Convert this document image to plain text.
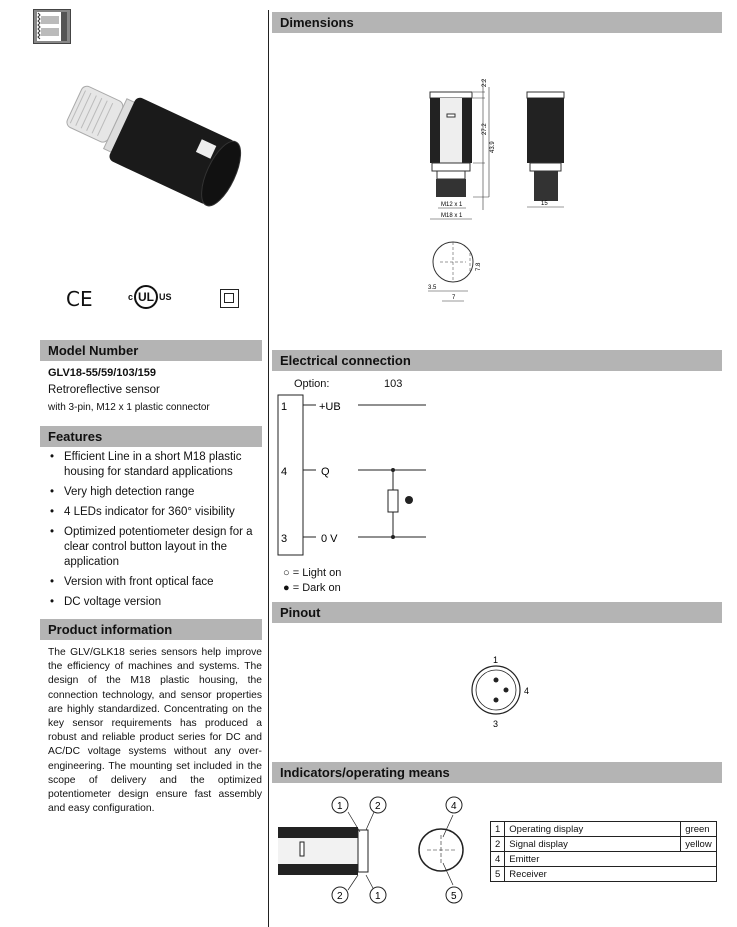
CE	c UL US
Model Number
GLV18-55/59/103/159
Retroreflective sensor
with 3-pin, M12 x 1 plastic connector
Features
• Efficient Line in a short M18 plastic housing for standard applications
• Very high detection range
• 4 LEDs indicator for 360° visibility
• Optimized potentiometer design for a clear control button layout in the application
• Version with front optical face
• DC voltage version
Product information
The GLV/GLK18 series sensors help improve the efficiency of machines and systems. The design of the M18 plastic housing, the connection technology, and sensor properties are highly standardized. Concentrating on the key sensor requirements has produced a robust and reliable product series for DC and AC/DC voltage systems without any over-engineering. The mounting set included in the scope of delivery and the optimized potentiometer design ensure fast assembly and easy configuration.
Dimensions
2.2
27.2
43.9
M12 x 1
M18 x 1
15
7.8
3.5
7
Electrical connection
Option:	103
1	+UB
4	Q
3	0 V
○ = Light on
● = Dark on
Pinout
1
4
3
Indicators/operating means
1	2
2	1
4
5
1	Operating display	green
2	Signal display	yellow
4	Emitter	
5	Receiver	
